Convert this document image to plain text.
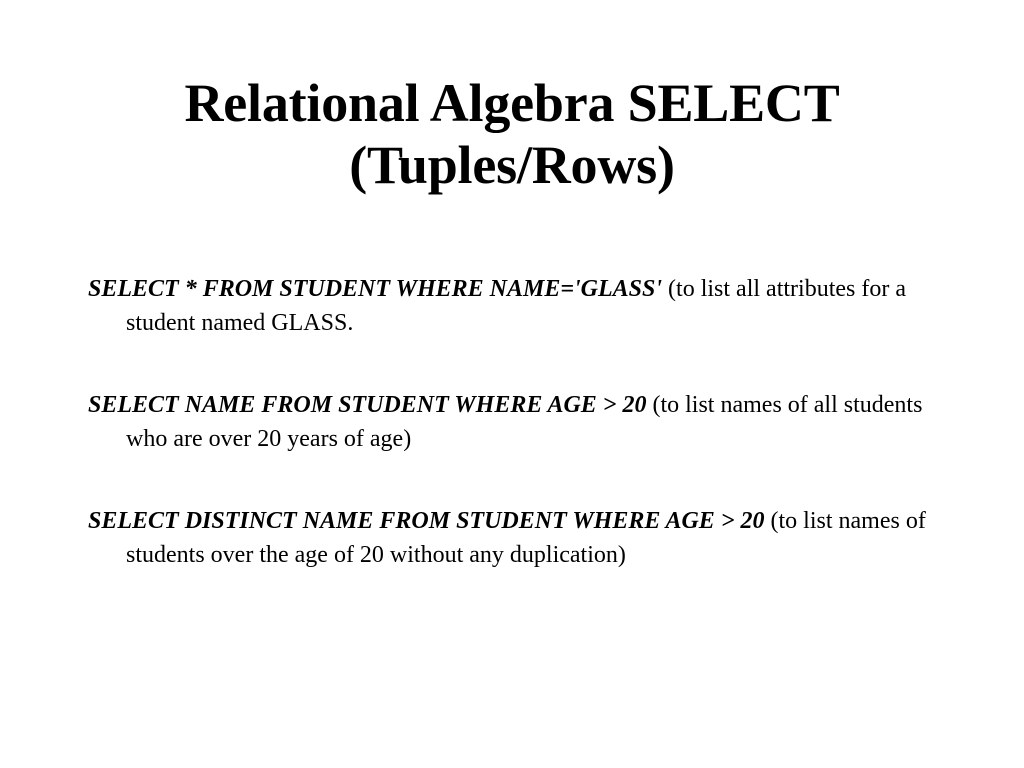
Relational Algebra SELECT
(Tuples/Rows)
SELECT * FROM STUDENT WHERE NAME='GLASS' (to list all attributes for a student named GLASS.
SELECT NAME FROM STUDENT WHERE AGE > 20 (to list names of all students who are over 20 years of age)
SELECT DISTINCT NAME FROM STUDENT WHERE AGE > 20 (to list names of students over the age of 20 without any duplication)
